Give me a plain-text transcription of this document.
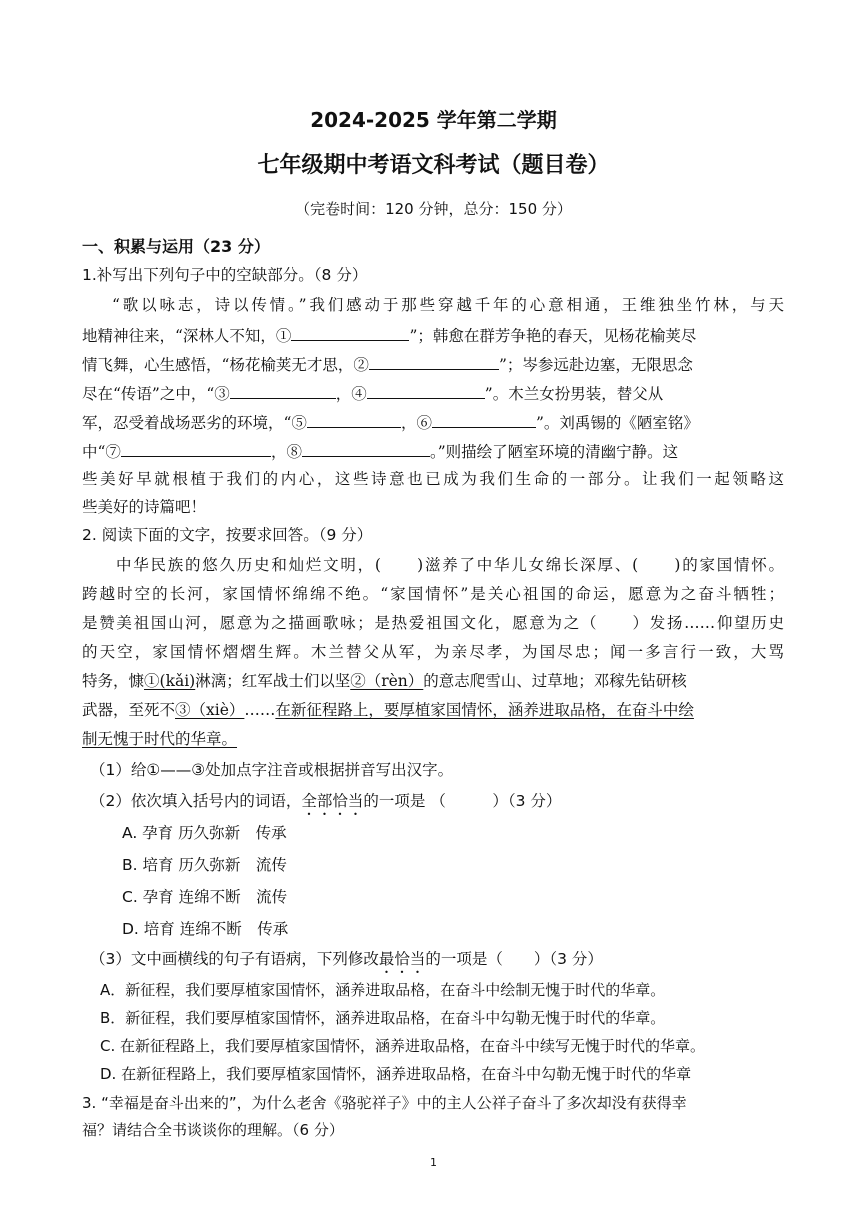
2024-2025 学年第二学期
七年级期中考语文科考试（题目卷）
（完卷时间：120 分钟，总分：150 分）
一、积累与运用（23 分）
1.补写出下列句子中的空缺部分。（8 分）
“歌以咏志，诗以传情。”我们感动于那些穿越千年的心意相通，王维独坐竹林，与天
地精神往来，“深林人不知，①	”；韩愈在群芳争艳的春天，见杨花榆荚尽
情飞舞，心生感悟，“杨花榆荚无才思，②	”；岑参远赴边塞，无限思念
尽在“传语”之中，“③	，④	”。木兰女扮男装，替父从
军，忍受着战场恶劣的环境，“⑤	，⑥	”。刘禹锡的《陋室铭》
中“⑦	，⑧	。”则描绘了陋室环境的清幽宁静。这
些美好早就根植于我们的内心，这些诗意也已成为我们生命的一部分。让我们一起领略这
些美好的诗篇吧！
2. 阅读下面的文字，按要求回答。（9 分）
中华民族的悠久历史和灿烂文明，(　　)滋养了中华儿女绵长深厚、(　　)的家国情怀。
跨越时空的长河，家国情怀绵绵不绝。“家国情怀”是关心祖国的命运，愿意为之奋斗牺牲；
是赞美祖国山河，愿意为之描画歌咏；是热爱祖国文化，愿意为之（　　）发扬……仰望历史
的天空，家国情怀熠熠生辉。木兰替父从军，为亲尽孝，为国尽忠；闻一多言行一致，大骂
特务，慷①(kǎi)淋漓；红军战士们以坚②（rèn）的意志爬雪山、过草地；邓稼先钻研核
武器，至死不③（xiè）……在新征程路上，要厚植家国情怀，涵养进取品格，在奋斗中绘
制无愧于时代的华章。
（1）给①——③处加点字注音或根据拼音写出汉字。
（2）依次填入括号内的词语，全部恰当的一项是 （　　　）（3 分）
A. 孕育 历久弥新　传承
B. 培育 历久弥新　流传
C. 孕育 连绵不断　流传
D. 培育 连绵不断　传承
（3）文中画横线的句子有语病，下列修改最恰当的一项是（　　）（3 分）
A．新征程，我们要厚植家国情怀，涵养进取品格，在奋斗中绘制无愧于时代的华章。
B．新征程，我们要厚植家国情怀，涵养进取品格，在奋斗中勾勒无愧于时代的华章。
C. 在新征程路上，我们要厚植家国情怀，涵养进取品格，在奋斗中续写无愧于时代的华章。
D. 在新征程路上，我们要厚植家国情怀，涵养进取品格，在奋斗中勾勒无愧于时代的华章
3. “幸福是奋斗出来的”，为什么老舍《骆驼祥子》中的主人公祥子奋斗了多次却没有获得幸
福？请结合全书谈谈你的理解。（6 分）
1
